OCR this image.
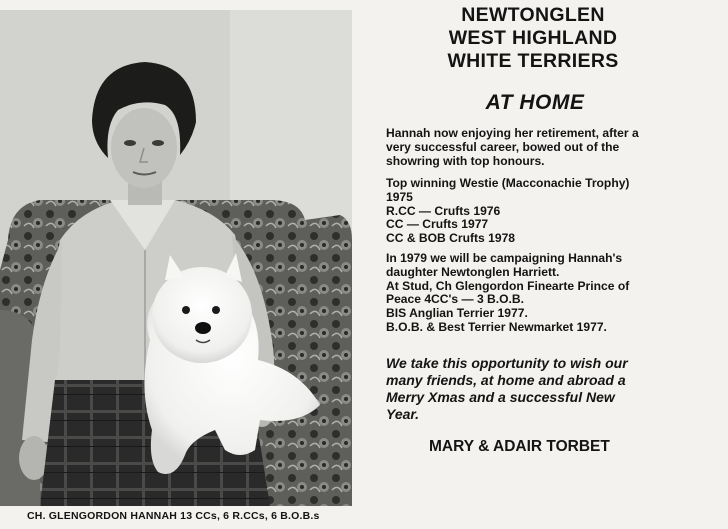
NEWTONGLEN
WEST HIGHLAND
WHITE TERRIERS
AT HOME
Hannah now enjoying her retirement, after a
very successful career, bowed out of the
showring with top honours.
Top winning Westie (Macconachie Trophy)
1975
R.CC — Crufts 1976
CC — Crufts 1977
CC & BOB Crufts 1978
In 1979 we will be campaigning Hannah's
daughter Newtonglen Harriett.
At Stud, Ch Glengordon Finearte Prince of
Peace 4CC's — 3 B.O.B.
BIS Anglian Terrier 1977.
B.O.B. & Best Terrier Newmarket 1977.
We take this opportunity to wish our
many friends, at home and abroad a
Merry Xmas and a successful New
Year.
MARY & ADAIR TORBET
CH. GLENGORDON HANNAH 13 CCs, 6 R.CCs, 6 B.O.B.s
